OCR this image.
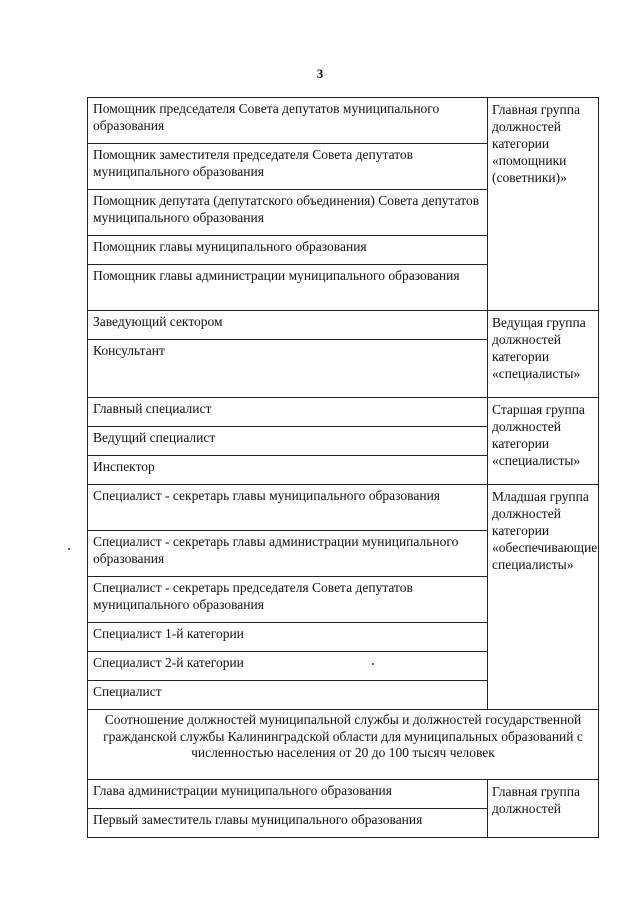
3
Помощник председателя Совета депутатов муниципального образования	Главная группа должностей категории «помощники (советники)»
Помощник заместителя председателя Совета депутатов муниципального образования	
Помощник депутата (депутатского объединения) Совета депутатов муниципального образования	
Помощник главы муниципального образования	
Помощник главы администрации муниципального образования	
Заведующий сектором	Ведущая группа должностей категории «специалисты»
Консультант	
Главный специалист	Старшая группа должностей категории «специалисты»
Ведущий специалист	
Инспектор	
Специалист - секретарь главы муниципального образования	Младшая группа должностей категории «обеспечивающие специалисты»
Специалист - секретарь главы администрации муниципального образования	
Специалист - секретарь председателя Совета депутатов муниципального образования	
Специалист 1-й категории	
Специалист 2-й категории	
Специалист	
Соотношение должностей муниципальной службы и должностей государственной гражданской службы Калининградской области для муниципальных образований с численностью населения от 20 до 100 тысяч человек	
Глава администрации муниципального образования	Главная группа должностей
Первый заместитель главы муниципального образования	
